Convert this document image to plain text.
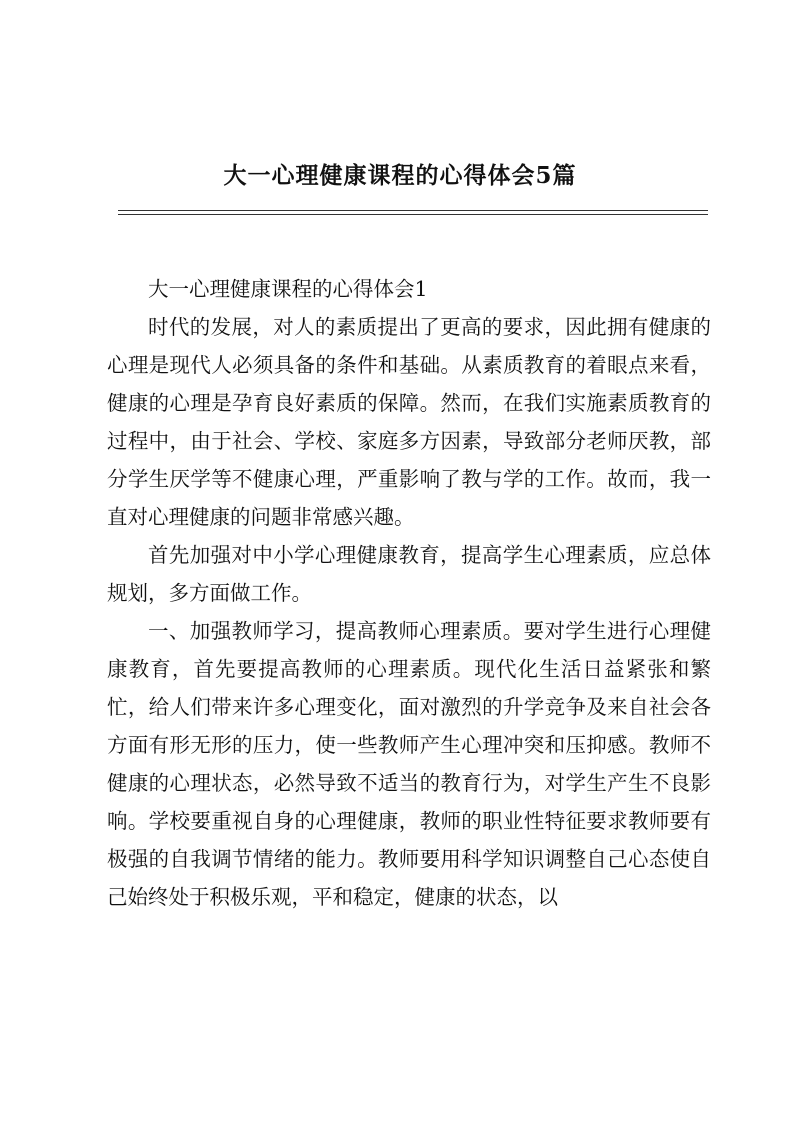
大一心理健康课程的心得体会5篇

大一心理健康课程的心得体会1

时代的发展，对人的素质提出了更高的要求，因此拥有健康的心理是现代人必须具备的条件和基础。从素质教育的着眼点来看，健康的心理是孕育良好素质的保障。然而，在我们实施素质教育的过程中，由于社会、学校、家庭多方因素，导致部分老师厌教，部分学生厌学等不健康心理，严重影响了教与学的工作。故而，我一直对心理健康的问题非常感兴趣。

首先加强对中小学心理健康教育，提高学生心理素质，应总体规划，多方面做工作。

一、加强教师学习，提高教师心理素质。要对学生进行心理健康教育，首先要提高教师的心理素质。现代化生活日益紧张和繁忙，给人们带来许多心理变化，面对激烈的升学竞争及来自社会各方面有形无形的压力，使一些教师产生心理冲突和压抑感。教师不健康的心理状态，必然导致不适当的教育行为，对学生产生不良影响。学校要重视自身的心理健康，教师的职业性特征要求教师要有极强的自我调节情绪的能力。教师要用科学知识调整自己心态使自己始终处于积极乐观，平和稳定，健康的状态，以
